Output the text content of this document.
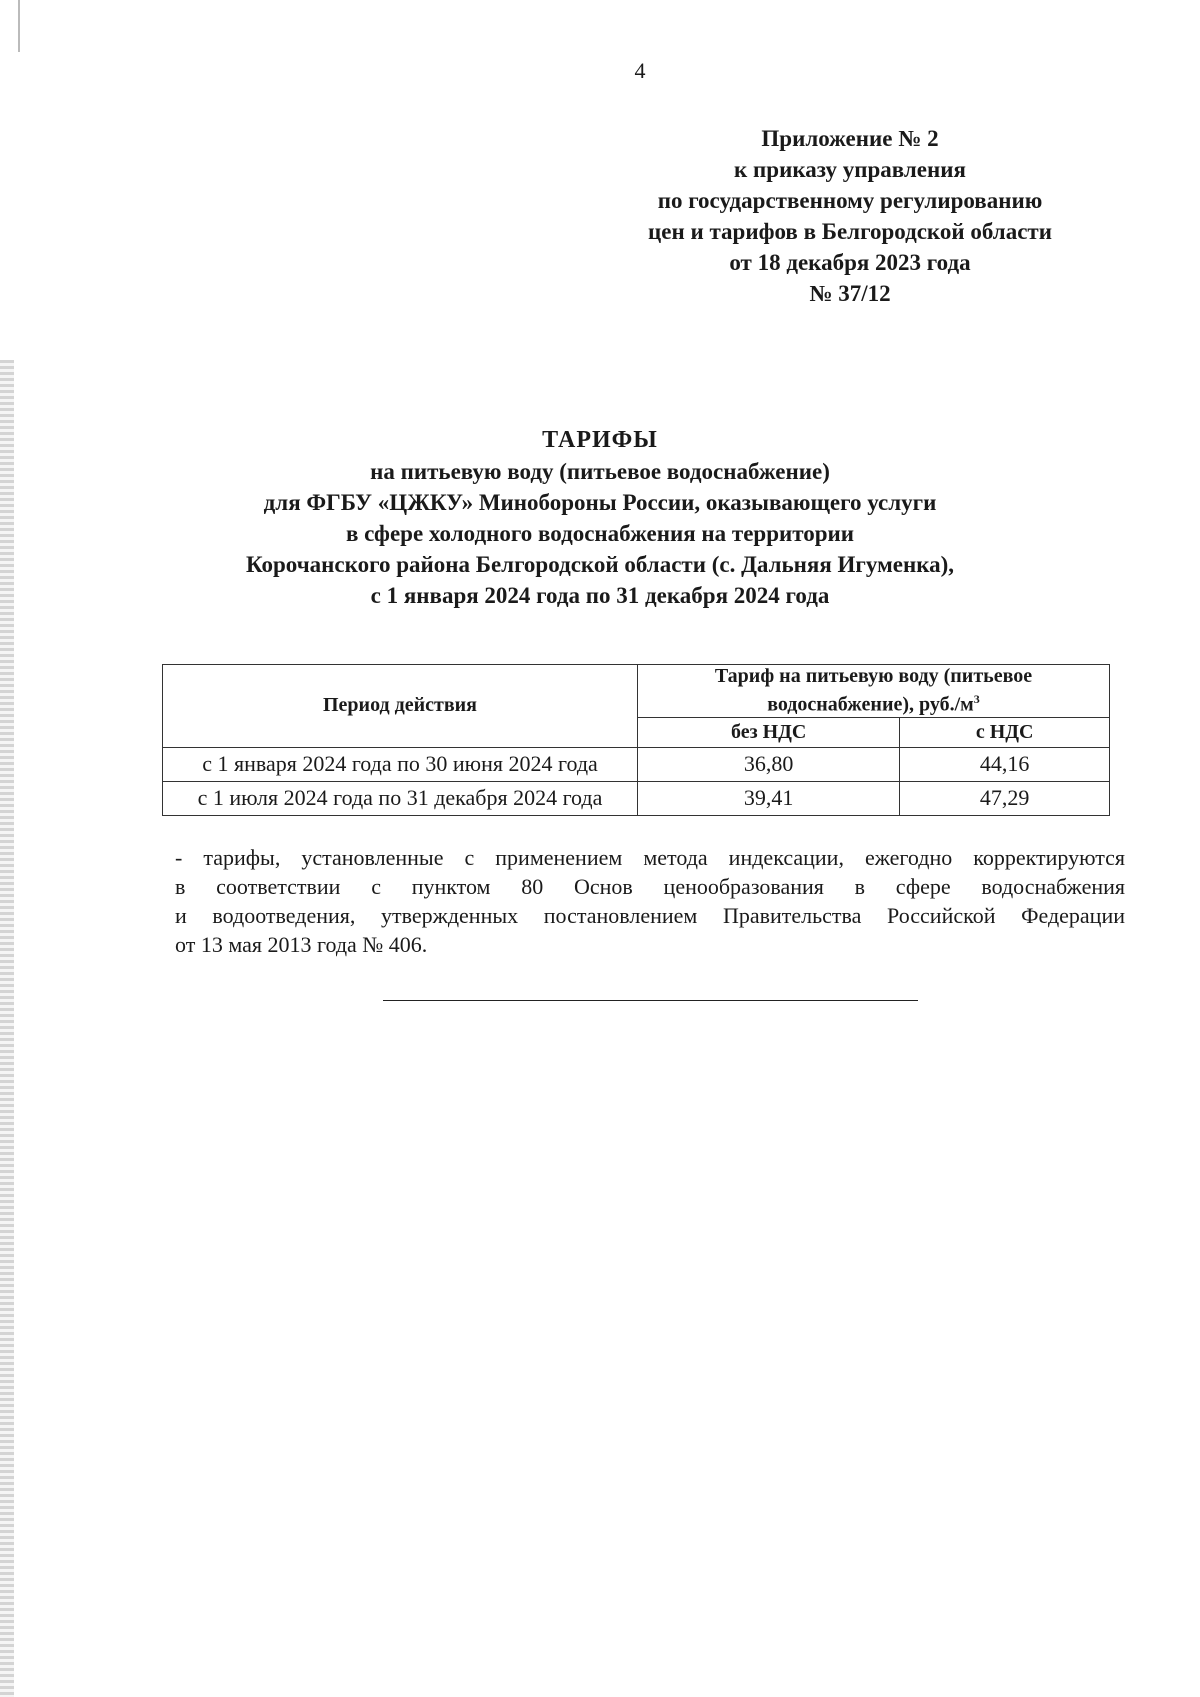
4
Приложение № 2
к приказу управления
по государственному регулированию
цен и тарифов в Белгородской области
от 18 декабря 2023 года
№ 37/12
ТАРИФЫ
на питьевую воду (питьевое водоснабжение)
для ФГБУ «ЦЖКУ» Минобороны России, оказывающего услуги
в сфере холодного водоснабжения на территории
Корочанского района Белгородской области (с. Дальняя Игуменка),
с 1 января 2024 года по 31 декабря 2024 года
Период действия	Тариф на питьевую воду (питьевое
водоснабжение), $руб./м^3$
	без НДС	с НДС
с 1 января 2024 года по 30 июня 2024 года	36,80	44,16
с 1 июля 2024 года по 31 декабря 2024 года	39,41	47,29
- тарифы, установленные с применением метода индексации, ежегодно корректируются
в соответствии с пунктом 80 Основ ценообразования в сфере водоснабжения
и водоотведения, утвержденных постановлением Правительства Российской Федерации
от 13 мая 2013 года № 406.
